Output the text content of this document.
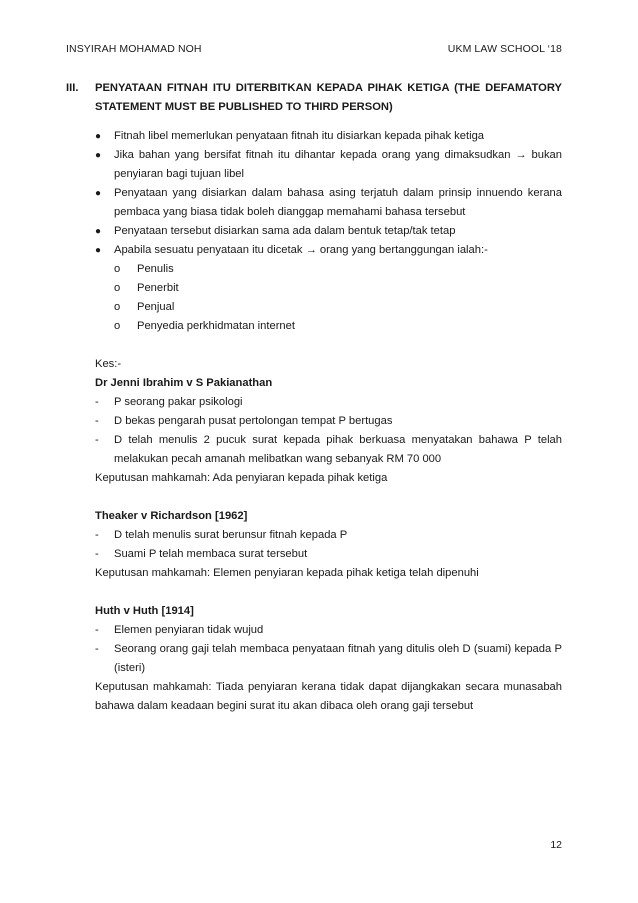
INSYIRAH MOHAMAD NOH	UKM LAW SCHOOL ‘18
III.	PENYATAAN FITNAH ITU DITERBITKAN KEPADA PIHAK KETIGA (THE DEFAMATORY STATEMENT MUST BE PUBLISHED TO THIRD PERSON)
● Fitnah libel memerlukan penyataan fitnah itu disiarkan kepada pihak ketiga
● Jika bahan yang bersifat fitnah itu dihantar kepada orang yang dimaksudkan → bukan penyiaran bagi tujuan libel
● Penyataan yang disiarkan dalam bahasa asing terjatuh dalam prinsip innuendo kerana pembaca yang biasa tidak boleh dianggap memahami bahasa tersebut
● Penyataan tersebut disiarkan sama ada dalam bentuk tetap/tak tetap
● Apabila sesuatu penyataan itu dicetak → orang yang bertanggungan ialah:-
o Penulis
o Penerbit
o Penjual
o Penyedia perkhidmatan internet
Kes:-
Dr Jenni Ibrahim v S Pakianathan
- P seorang pakar psikologi
- D bekas pengarah pusat pertolongan tempat P bertugas
- D telah menulis 2 pucuk surat kepada pihak berkuasa menyatakan bahawa P telah melakukan pecah amanah melibatkan wang sebanyak RM 70 000
Keputusan mahkamah: Ada penyiaran kepada pihak ketiga
Theaker v Richardson [1962]
- D telah menulis surat berunsur fitnah kepada P
- Suami P telah membaca surat tersebut
Keputusan mahkamah: Elemen penyiaran kepada pihak ketiga telah dipenuhi
Huth v Huth [1914]
- Elemen penyiaran tidak wujud
- Seorang orang gaji telah membaca penyataan fitnah yang ditulis oleh D (suami) kepada P (isteri)
Keputusan mahkamah: Tiada penyiaran kerana tidak dapat dijangkakan secara munasabah bahawa dalam keadaan begini surat itu akan dibaca oleh orang gaji tersebut
12
